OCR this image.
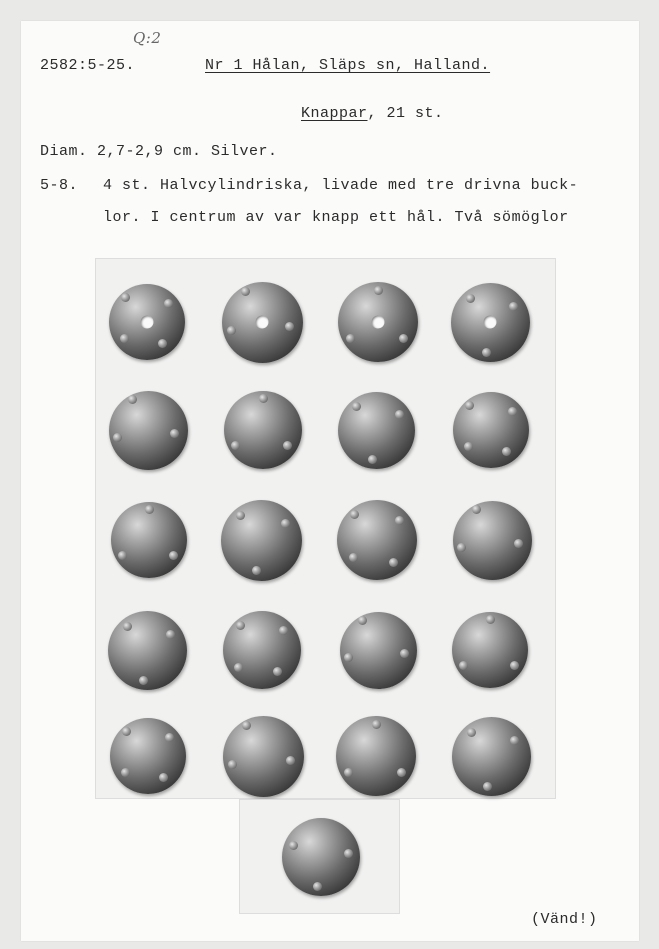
Q:2
2582:5-25.	Nr 1 Hålan, Släps sn, Halland.
Knappar, 21 st.
Diam. 2,7-2,9 cm. Silver.
5-8. 4 st. Halvcylindriska, livade med tre drivna buck-
lor. I centrum av var knapp ett hål. Två sömöglor
(Vänd!)
